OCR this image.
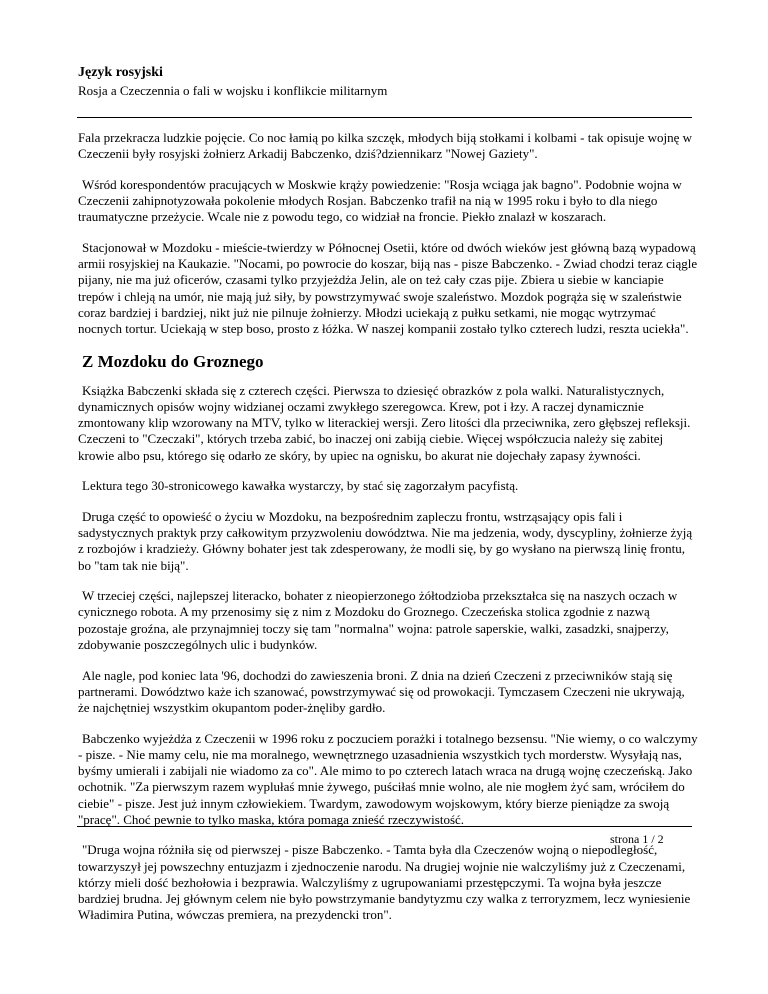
Język rosyjski

Rosja a Czeczennia o fali w wojsku i konflikcie militarnym

Fala przekracza ludzkie pojęcie. Co noc łamią po kilka szczęk, młodych biją stołkami i kolbami - tak opisuje wojnę w Czeczenii były rosyjski żołnierz Arkadij Babczenko, dziś?dziennikarz "Nowej Gaziety".

Wśród korespondentów pracujących w Moskwie krąży powiedzenie: "Rosja wciąga jak bagno". Podobnie wojna w Czeczenii zahipnotyzowała pokolenie młodych Rosjan. Babczenko trafił na nią w 1995 roku i było to dla niego traumatyczne przeżycie. Wcale nie z powodu tego, co widział na froncie. Piekło znalazł w koszarach.

Stacjonował w Mozdoku - mieście-twierdzy w Północnej Osetii, które od dwóch wieków jest główną bazą wypadową armii rosyjskiej na Kaukazie. "Nocami, po powrocie do koszar, biją nas - pisze Babczenko. - Zwiad chodzi teraz ciągle pijany, nie ma już oficerów, czasami tylko przyjeżdża Jelin, ale on też cały czas pije. Zbiera u siebie w kanciapie trepów i chleją na umór, nie mają już siły, by powstrzymywać swoje szaleństwo. Mozdok pogrąża się w szaleństwie coraz bardziej i bardziej, nikt już nie pilnuje żołnierzy. Młodzi uciekają z pułku setkami, nie mogąc wytrzymać nocnych tortur. Uciekają w step boso, prosto z łóżka. W naszej kompanii zostało tylko czterech ludzi, reszta uciekła".

Z Mozdoku do Groznego

Książka Babczenki składa się z czterech części. Pierwsza to dziesięć obrazków z pola walki. Naturalistycznych, dynamicznych opisów wojny widzianej oczami zwykłego szeregowca. Krew, pot i łzy. A raczej dynamicznie zmontowany klip wzorowany na MTV, tylko w literackiej wersji. Zero litości dla przeciwnika, zero głębszej refleksji. Czeczeni to "Czeczaki", których trzeba zabić, bo inaczej oni zabiją ciebie. Więcej współczucia należy się zabitej krowie albo psu, którego się odarło ze skóry, by upiec na ognisku, bo akurat nie dojechały zapasy żywności.

Lektura tego 30-stronicowego kawałka wystarczy, by stać się zagorzałym pacyfistą.

Druga część to opowieść o życiu w Mozdoku, na bezpośrednim zapleczu frontu, wstrząsający opis fali i sadystycznych praktyk przy całkowitym przyzwoleniu dowództwa. Nie ma jedzenia, wody, dyscypliny, żołnierze żyją z rozbojów i kradzieży. Główny bohater jest tak zdesperowany, że modli się, by go wysłano na pierwszą linię frontu, bo "tam tak nie biją".

W trzeciej części, najlepszej literacko, bohater z nieopierzonego żółtodzioba przekształca się na naszych oczach w cynicznego robota. A my przenosimy się z nim z Mozdoku do Groznego. Czeczeńska stolica zgodnie z nazwą pozostaje groźna, ale przynajmniej toczy się tam "normalna" wojna: patrole saperskie, walki, zasadzki, snajperzy, zdobywanie poszczególnych ulic i budynków.

Ale nagle, pod koniec lata '96, dochodzi do zawieszenia broni. Z dnia na dzień Czeczeni z przeciwników stają się partnerami. Dowództwo każe ich szanować, powstrzymywać się od prowokacji. Tymczasem Czeczeni nie ukrywają, że najchętniej wszystkim okupantom poder-żnęliby gardło.

Babczenko wyjeżdża z Czeczenii w 1996 roku z poczuciem porażki i totalnego bezsensu. "Nie wiemy, o co walczymy - pisze. - Nie mamy celu, nie ma moralnego, wewnętrznego uzasadnienia wszystkich tych morderstw. Wysyłają nas, byśmy umierali i zabijali nie wiadomo za co". Ale mimo to po czterech latach wraca na drugą wojnę czeczeńską. Jako ochotnik. "Za pierwszym razem wyplułaś mnie żywego, puściłaś mnie wolno, ale nie mogłem żyć sam, wróciłem do ciebie" - pisze. Jest już innym człowiekiem. Twardym, zawodowym wojskowym, który bierze pieniądze za swoją "pracę". Choć pewnie to tylko maska, która pomaga znieść rzeczywistość.

"Druga wojna różniła się od pierwszej - pisze Babczenko. - Tamta była dla Czeczenów wojną o niepodległość, towarzyszył jej powszechny entuzjazm i zjednoczenie narodu. Na drugiej wojnie nie walczyliśmy już z Czeczenami, którzy mieli dość bezhołowia i bezprawia. Walczyliśmy z ugrupowaniami przestępczymi. Ta wojna była jeszcze bardziej brudna. Jej głównym celem nie było powstrzymanie bandytyzmu czy walka z terroryzmem, lecz wyniesienie Władimira Putina, wówczas premiera, na prezydencki tron".

strona 1 / 2
